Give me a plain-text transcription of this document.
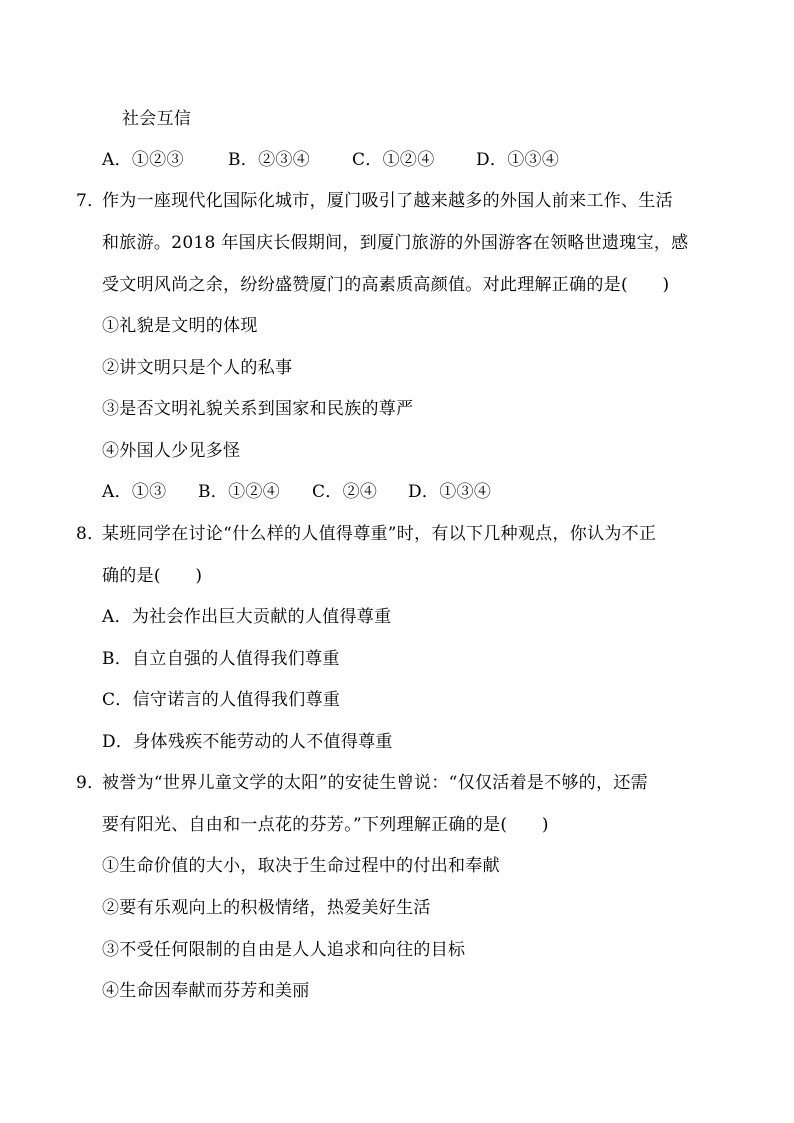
社会互信
A．①②③	B．②③④ C．①②④ D．①③④
7．
作为一座现代化国际化城市，厦门吸引了越来越多的外国人前来工作、生活
和旅游。2018 年国庆长假期间，到厦门旅游的外国游客在领略世遗瑰宝，感
受文明风尚之余，纷纷盛赞厦门的高素质高颜值。对此理解正确的是(　　)
①礼貌是文明的体现
②讲文明只是个人的私事
③是否文明礼貌关系到国家和民族的尊严
④外国人少见多怪
A．①③ B．①②④ C．②④ D．①③④
8．
某班同学在讨论“什么样的人值得尊重”时，有以下几种观点，你认为不正
确的是(　　)
A．为社会作出巨大贡献的人值得尊重
B．自立自强的人值得我们尊重
C．信守诺言的人值得我们尊重
D．身体残疾不能劳动的人不值得尊重
9．
被誉为“世界儿童文学的太阳”的安徒生曾说：“仅仅活着是不够的，还需
要有阳光、自由和一点花的芬芳。”下列理解正确的是(　　)
①生命价值的大小，取决于生命过程中的付出和奉献
②要有乐观向上的积极情绪，热爱美好生活
③不受任何限制的自由是人人追求和向往的目标
④生命因奉献而芬芳和美丽
